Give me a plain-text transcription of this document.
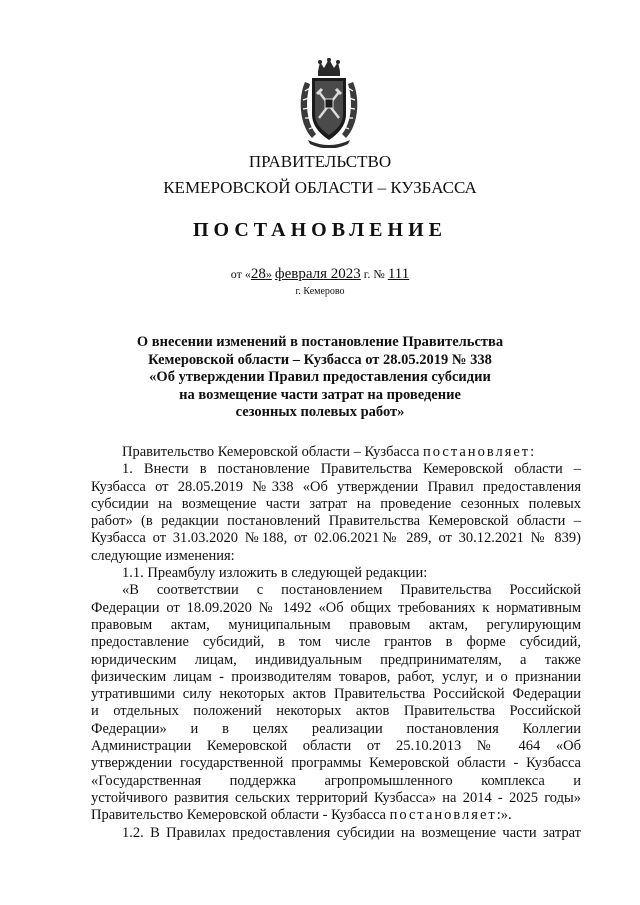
ПРАВИТЕЛЬСТВО
КЕМЕРОВСКОЙ ОБЛАСТИ – КУЗБАССА
ПОСТАНОВЛЕНИЕ
от «28» февраля 2023 г. № 111
г. Кемерово
О внесении изменений в постановление Правительства
Кемеровской области – Кузбасса от 28.05.2019 № 338
«Об утверждении Правил предоставления субсидии
на возмещение части затрат на проведение
сезонных полевых работ»
Правительство Кемеровской области – Кузбасса постановляет:
1. Внести в постановление Правительства Кемеровской области –
Кузбасса от 28.05.2019 №338 «Об утверждении Правил предоставления
субсидии на возмещение части затрат на проведение сезонных полевых
работ» (в редакции постановлений Правительства Кемеровской области –
Кузбасса от 31.03.2020 №188, от 02.06.2021№ 289, от 30.12.2021 № 839)
следующие изменения:
1.1. Преамбулу изложить в следующей редакции:
«В соответствии с постановлением Правительства Российской
Федерации от 18.09.2020 № 1492 «Об общих требованиях к нормативным
правовым актам, муниципальным правовым актам, регулирующим
предоставление субсидий, в том числе грантов в форме субсидий,
юридическим лицам, индивидуальным предпринимателям, а также
физическим лицам - производителям товаров, работ, услуг, и о признании
утратившими силу некоторых актов Правительства Российской Федерации
и отдельных положений некоторых актов Правительства Российской
Федерации» и в целях реализации постановления Коллегии
Администрации Кемеровской области от 25.10.2013 № 464 «Об
утверждении государственной программы Кемеровской области - Кузбасса
«Государственная поддержка агропромышленного комплекса и
устойчивого развития сельских территорий Кузбасса» на 2014 - 2025 годы»
Правительство Кемеровской области - Кузбасса постановляет:».
1.2. В Правилах предоставления субсидии на возмещение части затрат
